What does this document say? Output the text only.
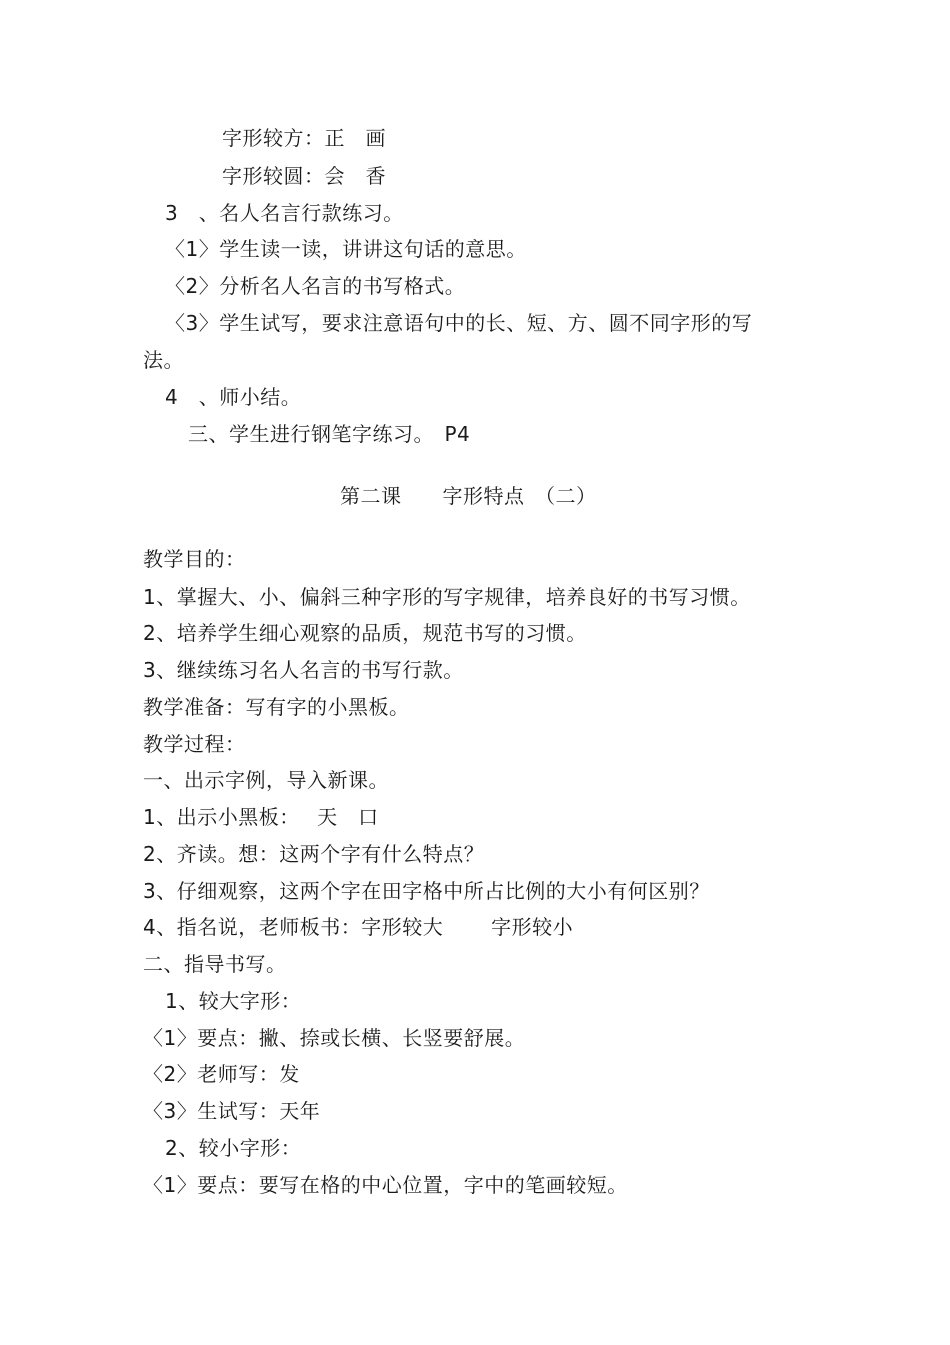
字形较方：正　画
字形较圆：会　香
3　、名人名言行款练习。
〈1〉学生读一读，讲讲这句话的意思。
〈2〉分析名人名言的书写格式。
〈3〉学生试写，要求注意语句中的长、短、方、圆不同字形的写
法。
4　、师小结。
三、学生进行钢笔字练习。　P4
第二课　　字形特点　（二）
教学目的：
1、掌握大、小、偏斜三种字形的写字规律，培养良好的书写习惯。
2、培养学生细心观察的品质，规范书写的习惯。
3、继续练习名人名言的书写行款。
教学准备：写有字的小黑板。
教学过程：
一、出示字例，导入新课。
1、出示小黑板：　 天　口
2、齐读。想：这两个字有什么特点？
3、仔细观察，这两个字在田字格中所占比例的大小有何区别？
4、指名说，老师板书：字形较大　　 字形较小
二、指导书写。
1、较大字形：
〈1〉要点：撇、捺或长横、长竖要舒展。
〈2〉老师写：发
〈3〉生试写：天年
2、较小字形：
〈1〉要点：要写在格的中心位置，字中的笔画较短。
